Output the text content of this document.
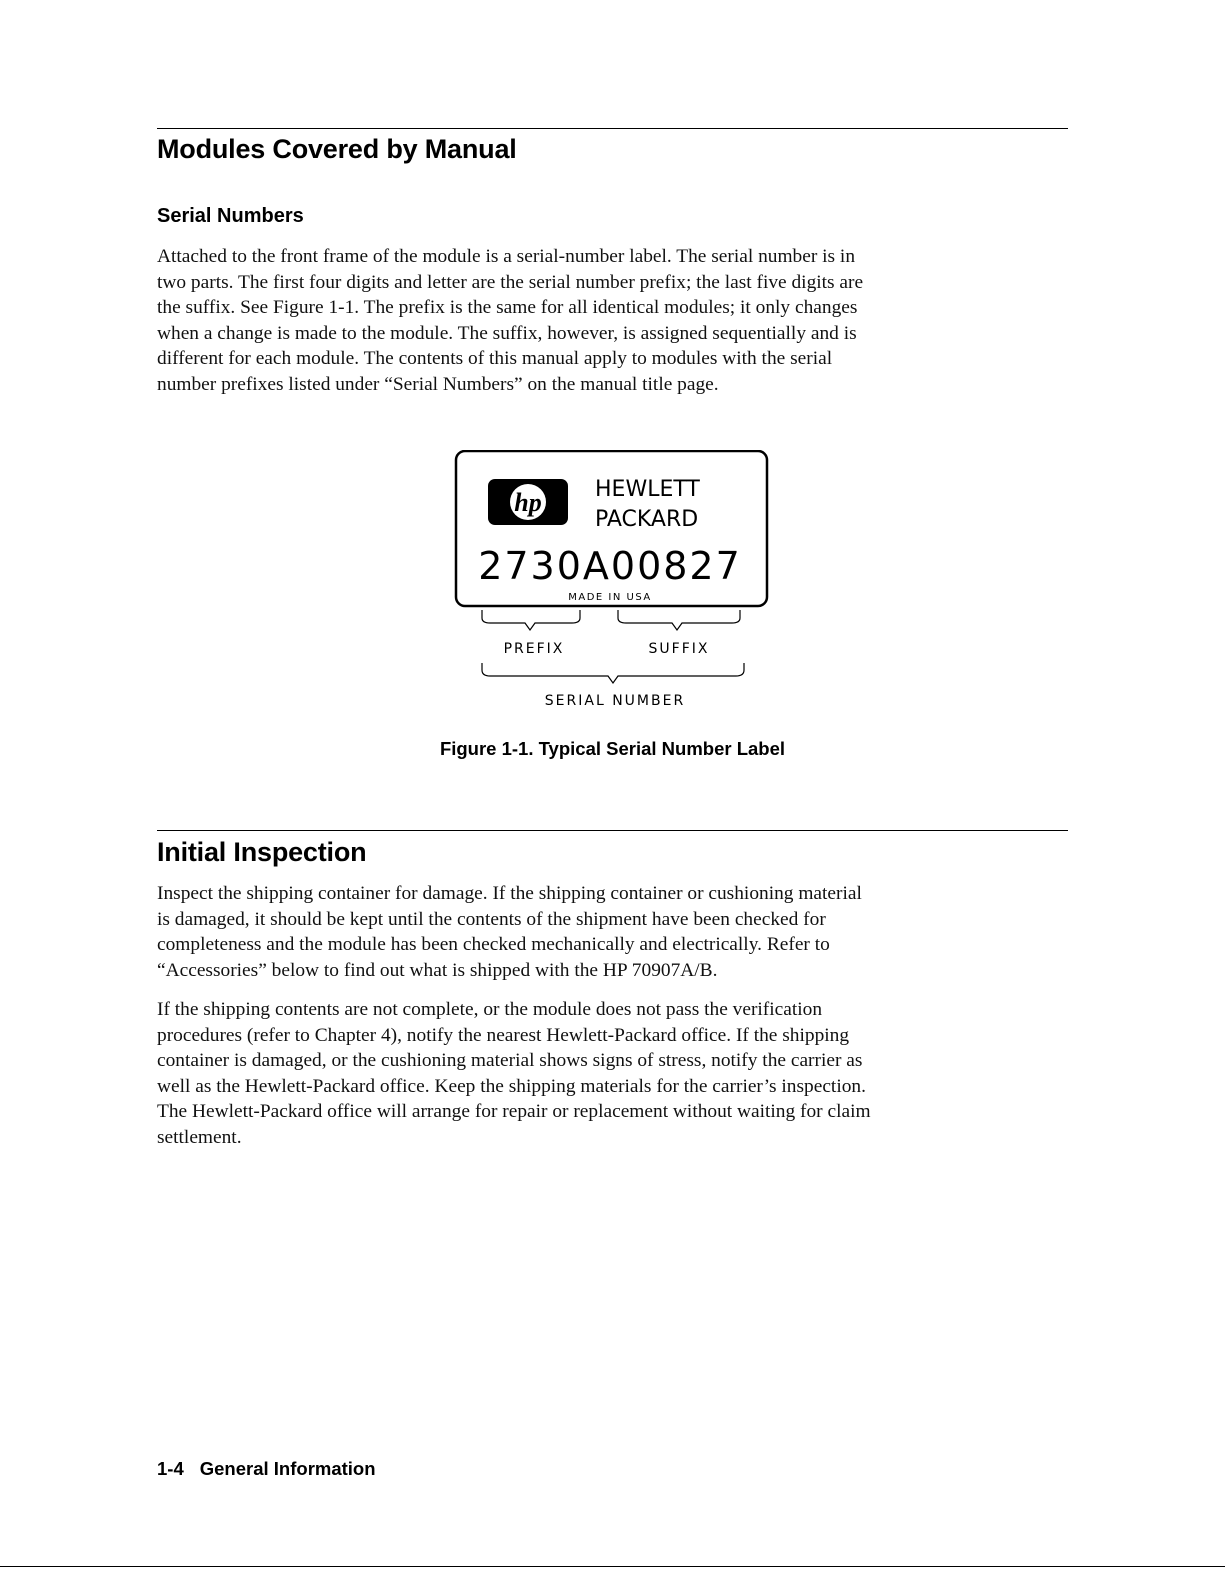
Modules Covered by Manual
Serial Numbers

Attached to the front frame of the module is a serial-number label. The serial number is in
two parts. The first four digits and letter are the serial number prefix; the last five digits are
the suffix. See Figure 1-1. The prefix is the same for all identical modules; it only changes
when a change is made to the module. The suffix, however, is assigned sequentially and is
different for each module. The contents of this manual apply to modules with the serial
number prefixes listed under “Serial Numbers” on the manual title page.

hp HEWLETT
PACKARD
2730A00827
MADE IN USA
PREFIX	SUFFIX
SERIAL NUMBER
Figure 1-1. Typical Serial Number Label
Initial Inspection

Inspect the shipping container for damage. If the shipping container or cushioning material
is damaged, it should be kept until the contents of the shipment have been checked for
completeness and the module has been checked mechanically and electrically. Refer to
“Accessories” below to find out what is shipped with the HP 70907A/B.

If the shipping contents are not complete, or the module does not pass the verification
procedures (refer to Chapter 4), notify the nearest Hewlett-Packard office. If the shipping
container is damaged, or the cushioning material shows signs of stress, notify the carrier as
well as the Hewlett-Packard office. Keep the shipping materials for the carrier’s inspection.
The Hewlett-Packard office will arrange for repair or replacement without waiting for claim
settlement.

1-4 General Information
